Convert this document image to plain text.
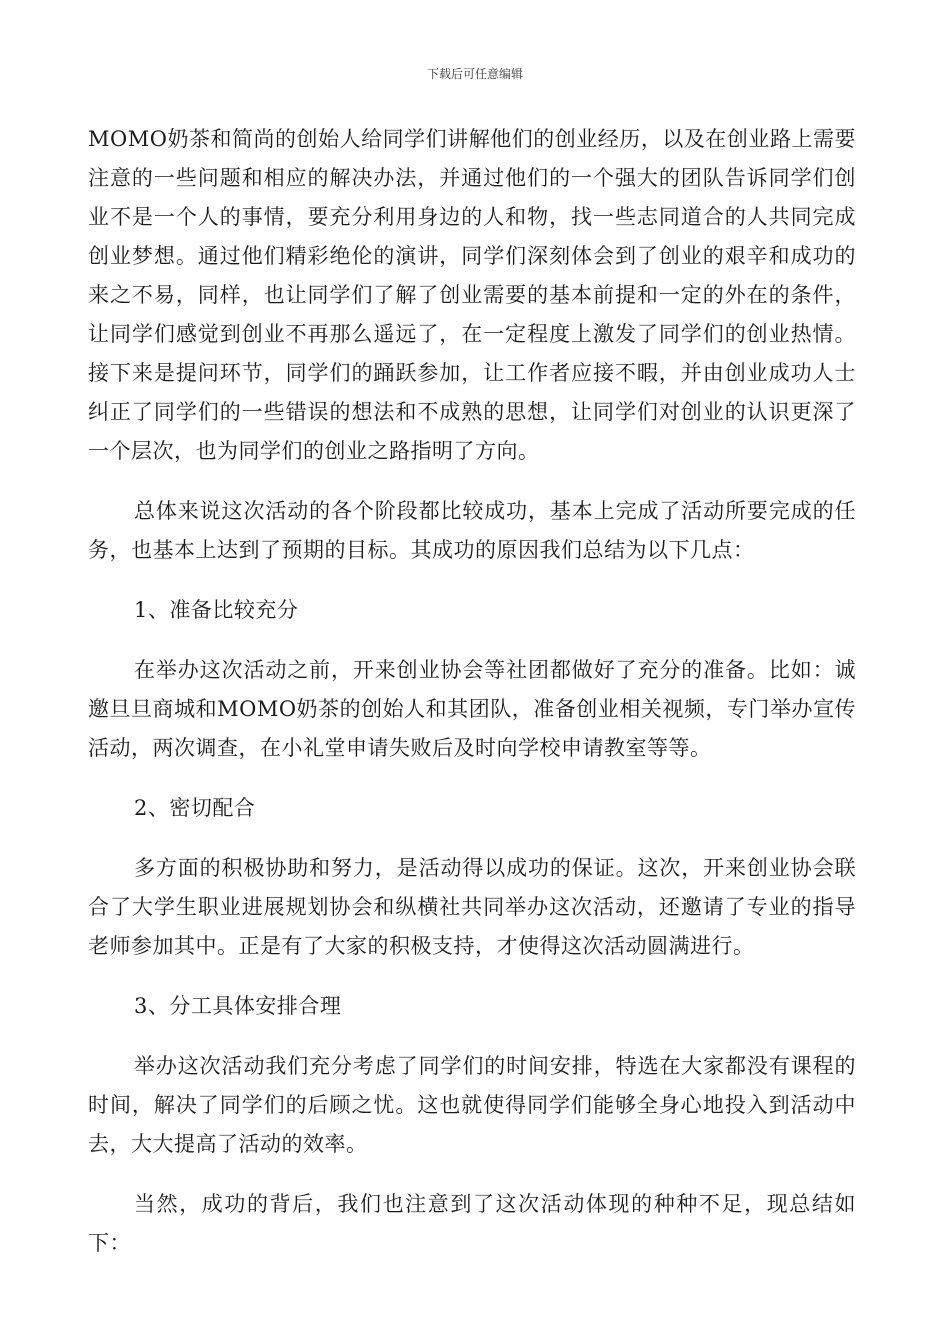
下载后可任意编辑

MOMO奶茶和简尚的创始人给同学们讲解他们的创业经历，以及在创业路上需要注意的一些问题和相应的解决办法，并通过他们的一个强大的团队告诉同学们创业不是一个人的事情，要充分利用身边的人和物，找一些志同道合的人共同完成创业梦想。通过他们精彩绝伦的演讲，同学们深刻体会到了创业的艰辛和成功的来之不易，同样，也让同学们了解了创业需要的基本前提和一定的外在的条件，让同学们感觉到创业不再那么遥远了，在一定程度上激发了同学们的创业热情。接下来是提问环节，同学们的踊跃参加，让工作者应接不暇，并由创业成功人士纠正了同学们的一些错误的想法和不成熟的思想，让同学们对创业的认识更深了一个层次，也为同学们的创业之路指明了方向。

总体来说这次活动的各个阶段都比较成功，基本上完成了活动所要完成的任务，也基本上达到了预期的目标。其成功的原因我们总结为以下几点：

1、准备比较充分

在举办这次活动之前，开来创业协会等社团都做好了充分的准备。比如：诚邀旦旦商城和MOMO奶茶的创始人和其团队，准备创业相关视频，专门举办宣传活动，两次调查，在小礼堂申请失败后及时向学校申请教室等等。

2、密切配合

多方面的积极协助和努力，是活动得以成功的保证。这次，开来创业协会联合了大学生职业进展规划协会和纵横社共同举办这次活动，还邀请了专业的指导老师参加其中。正是有了大家的积极支持，才使得这次活动圆满进行。

3、分工具体安排合理

举办这次活动我们充分考虑了同学们的时间安排，特选在大家都没有课程的时间，解决了同学们的后顾之忧。这也就使得同学们能够全身心地投入到活动中去，大大提高了活动的效率。

当然，成功的背后，我们也注意到了这次活动体现的种种不足，现总结如下：
